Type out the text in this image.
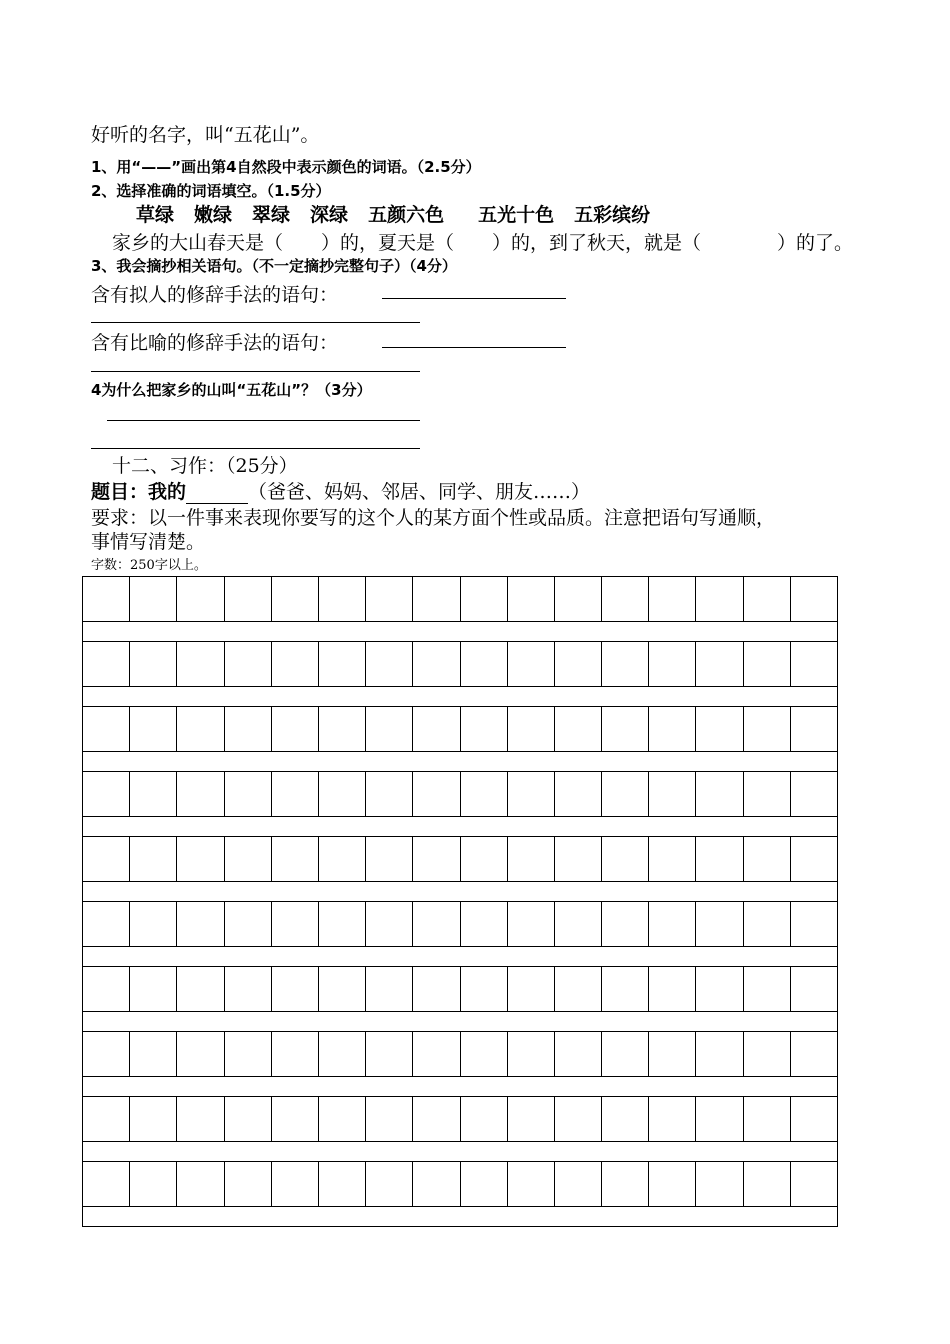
好听的名字，叫“五花山”。
1、用“——”画出第4自然段中表示颜色的词语。（2.5分）
2、选择准确的词语填空。（1.5分）
草绿 嫩绿 翠绿 深绿 五颜六色 五光十色 五彩缤纷
家乡的大山春天是（　　）的，夏天是（　　）的，到了秋天，就是（　　　　）的了。
3、我会摘抄相关语句。（不一定摘抄完整句子）（4分）
含有拟人的修辞手法的语句：
含有比喻的修辞手法的语句：
4为什么把家乡的山叫“五花山”？（3分）
十二、习作：（25分）
题目：我的	（爸爸、妈妈、邻居、同学、朋友……）
要求：以一件事来表现你要写的这个人的某方面个性或品质。注意把语句写通顺，
事情写清楚。
字数：250字以上。
